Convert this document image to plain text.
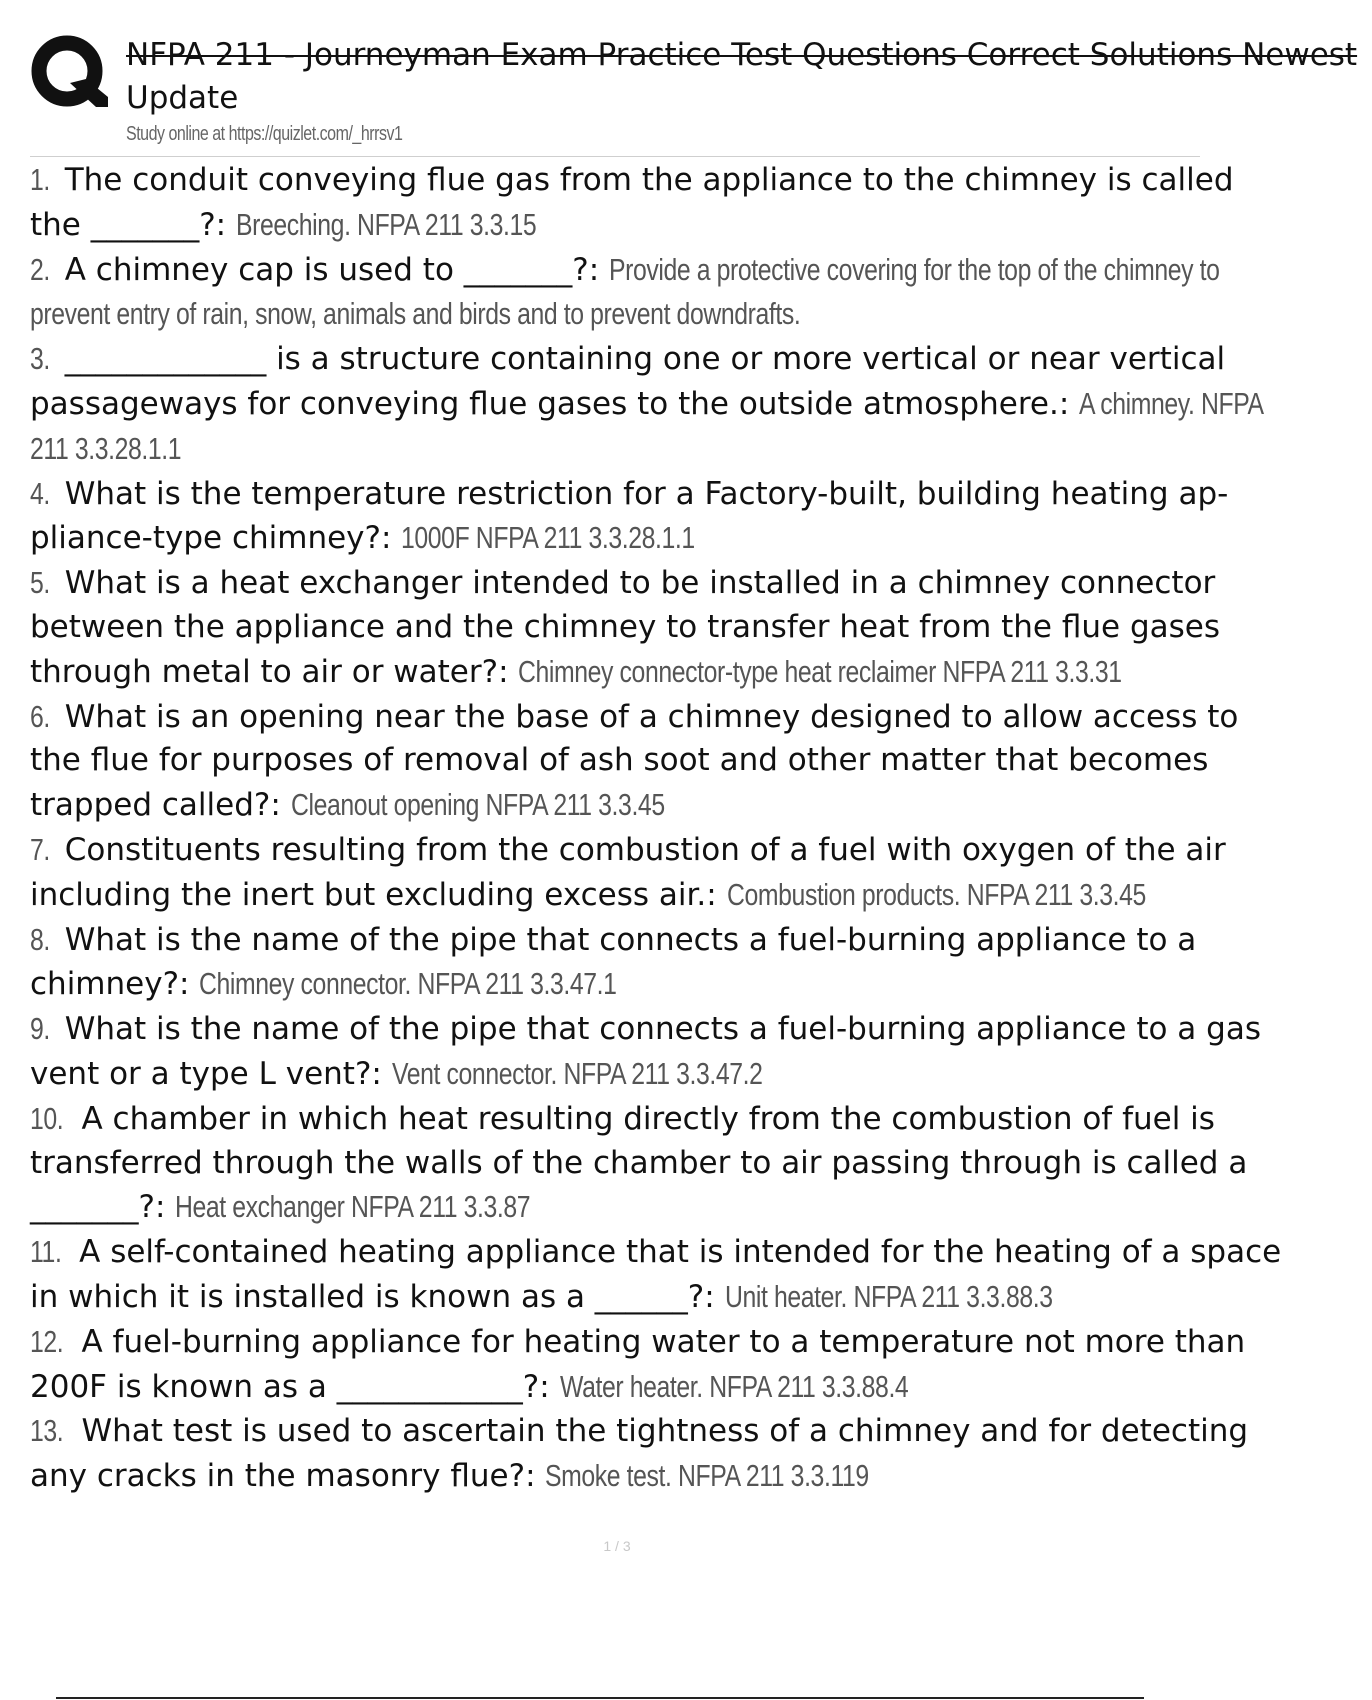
NFPA 211 - Journeyman Exam Practice Test Questions Correct Solutions Newest
Update
Study online at https://quizlet.com/_hrrsv1
1. The conduit conveying flue gas from the appliance to the chimney is called
the _______?: Breeching. NFPA 211 3.3.15
2. A chimney cap is used to _______?: Provide a protective covering for the top of the chimney to
prevent entry of rain, snow, animals and birds and to prevent downdrafts.
3. _____________ is a structure containing one or more vertical or near vertical
passageways for conveying flue gases to the outside atmosphere.: A chimney. NFPA
211 3.3.28.1.1
4. What is the temperature restriction for a Factory-built, building heating ap-
pliance-type chimney?: 1000F NFPA 211 3.3.28.1.1
5. What is a heat exchanger intended to be installed in a chimney connector
between the appliance and the chimney to transfer heat from the flue gases
through metal to air or water?: Chimney connector-type heat reclaimer NFPA 211 3.3.31
6. What is an opening near the base of a chimney designed to allow access to
the flue for purposes of removal of ash soot and other matter that becomes
trapped called?: Cleanout opening NFPA 211 3.3.45
7. Constituents resulting from the combustion of a fuel with oxygen of the air
including the inert but excluding excess air.: Combustion products. NFPA 211 3.3.45
8. What is the name of the pipe that connects a fuel-burning appliance to a
chimney?: Chimney connector. NFPA 211 3.3.47.1
9. What is the name of the pipe that connects a fuel-burning appliance to a gas
vent or a type L vent?: Vent connector. NFPA 211 3.3.47.2
10. A chamber in which heat resulting directly from the combustion of fuel is
transferred through the walls of the chamber to air passing through is called a
_______?: Heat exchanger NFPA 211 3.3.87
11. A self-contained heating appliance that is intended for the heating of a space
in which it is installed is known as a ______?: Unit heater. NFPA 211 3.3.88.3
12. A fuel-burning appliance for heating water to a temperature not more than
200F is known as a ____________?: Water heater. NFPA 211 3.3.88.4
13. What test is used to ascertain the tightness of a chimney and for detecting
any cracks in the masonry flue?: Smoke test. NFPA 211 3.3.119
1 / 3
